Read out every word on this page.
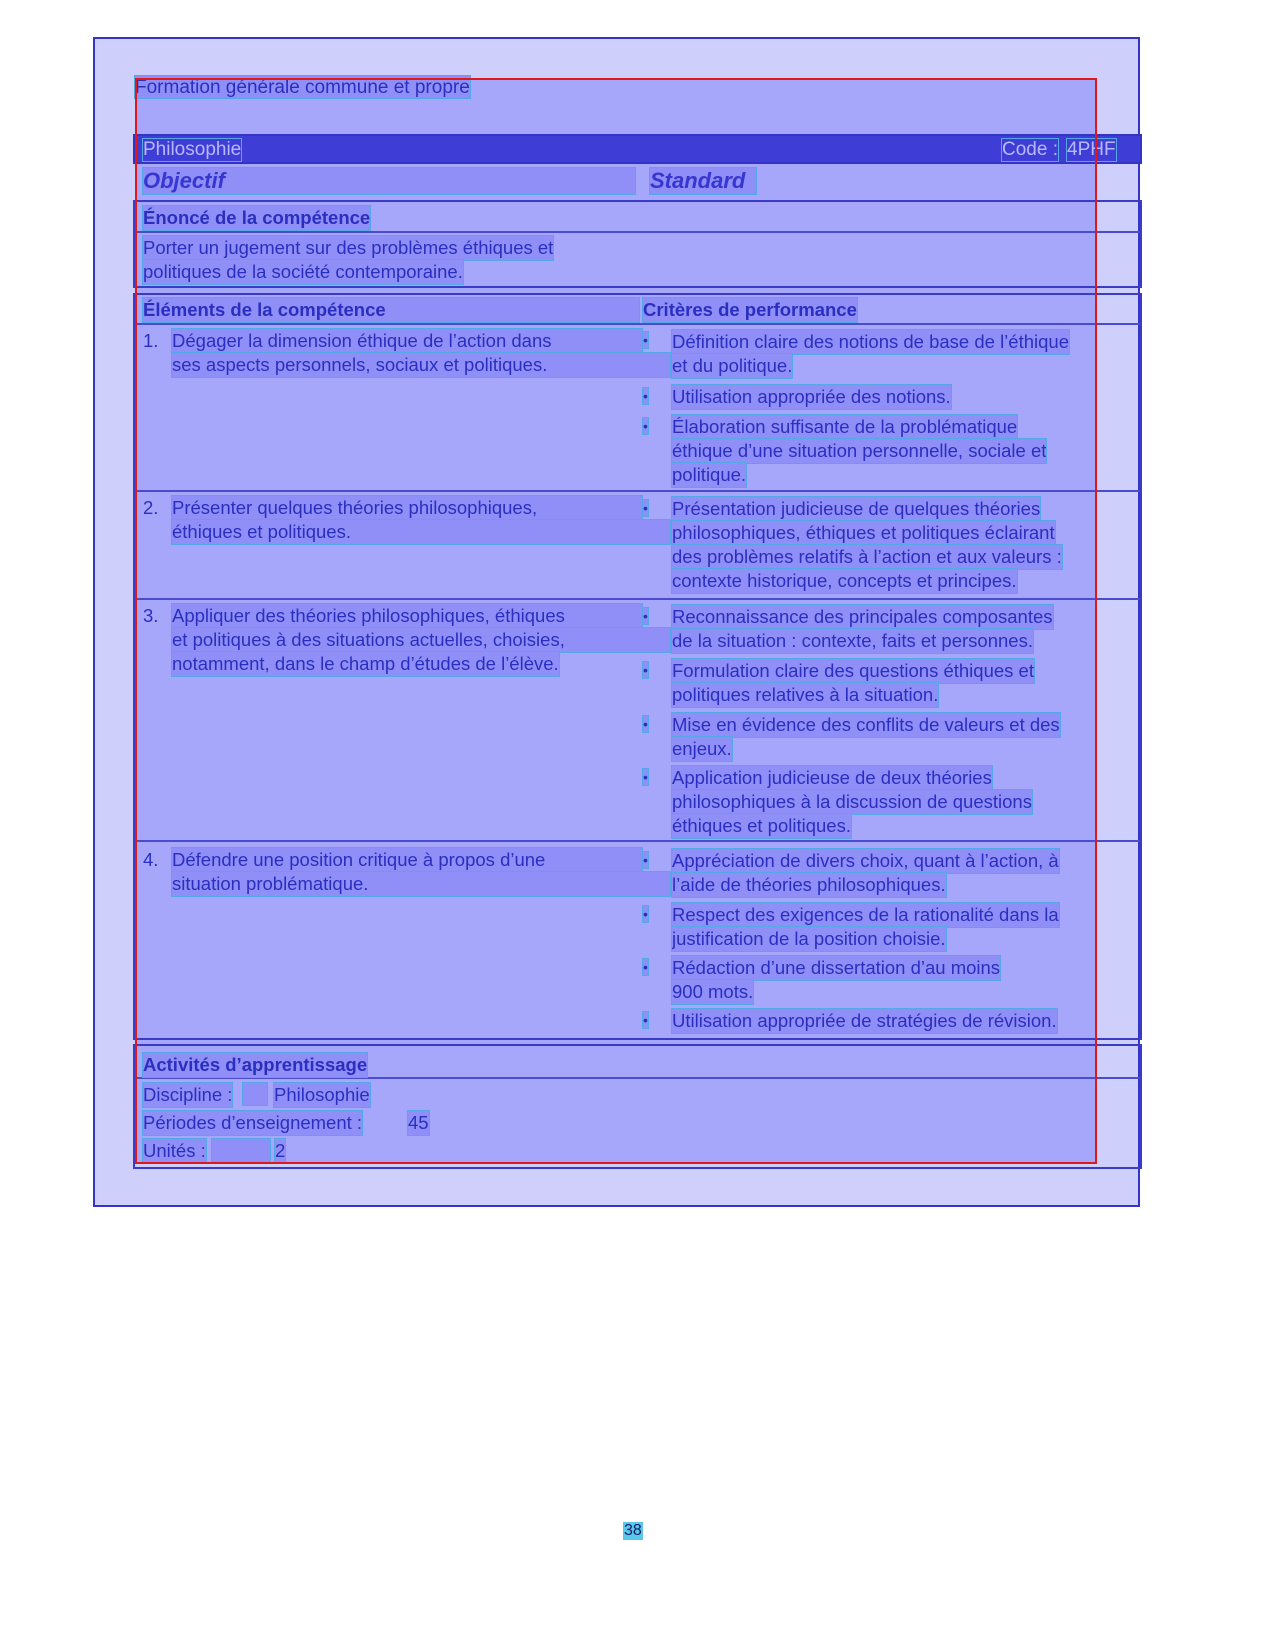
Formation générale commune et propre
Philosophie	Code : 4PHF
Objectif	Standard
Énoncé de la compétence
Porter un jugement sur des problèmes éthiques et
politiques de la société contemporaine.
Éléments de la compétence	Critères de performance
1. Dégager la dimension éthique de l’action dans
ses aspects personnels, sociaux et politiques.
• Définition claire des notions de base de l’éthique
et du politique.
• Utilisation appropriée des notions.
• Élaboration suffisante de la problématique
éthique d’une situation personnelle, sociale et
politique.
2. Présenter quelques théories philosophiques,
éthiques et politiques.
• Présentation judicieuse de quelques théories
philosophiques, éthiques et politiques éclairant
des problèmes relatifs à l’action et aux valeurs :
contexte historique, concepts et principes.
3. Appliquer des théories philosophiques, éthiques
et politiques à des situations actuelles, choisies,
notamment, dans le champ d’études de l’élève.
• Reconnaissance des principales composantes
de la situation : contexte, faits et personnes.
• Formulation claire des questions éthiques et
politiques relatives à la situation.
• Mise en évidence des conflits de valeurs et des
enjeux.
• Application judicieuse de deux théories
philosophiques à la discussion de questions
éthiques et politiques.
4. Défendre une position critique à propos d’une
situation problématique.
• Appréciation de divers choix, quant à l’action, à
l’aide de théories philosophiques.
• Respect des exigences de la rationalité dans la
justification de la position choisie.
• Rédaction d’une dissertation d’au moins
900 mots.
• Utilisation appropriée de stratégies de révision.
Activités d’apprentissage
Discipline : Philosophie
Périodes d’enseignement : 45
Unités :	2
38
